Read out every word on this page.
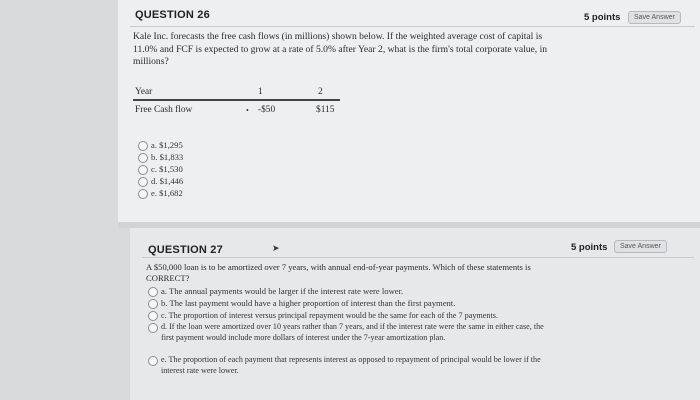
QUESTION 26	5 points	Save Answer
Kale Inc. forecasts the free cash flows (in millions) shown below. If the weighted average cost of capital is 11.0% and FCF is expected to grow at a rate of 5.0% after Year 2, what is the firm's total corporate value, in millions?
Year	1	2
Free Cash flow	-$50	$115
•
a. $1,295
b. $1,833
c. $1,530
d. $1,446
e. $1,682
QUESTION 27	➤	5 points	Save Answer
A $50,000 loan is to be amortized over 7 years, with annual end-of-year payments. Which of these statements is CORRECT?
a. The annual payments would be larger if the interest rate were lower.
b. The last payment would have a higher proportion of interest than the first payment.
c. The proportion of interest versus principal repayment would be the same for each of the 7 payments.
d. If the loan were amortized over 10 years rather than 7 years, and if the interest rate were the same in either case, the first payment would include more dollars of interest under the 7-year amortization plan.
e. The proportion of each payment that represents interest as opposed to repayment of principal would be lower if the interest rate were lower.
